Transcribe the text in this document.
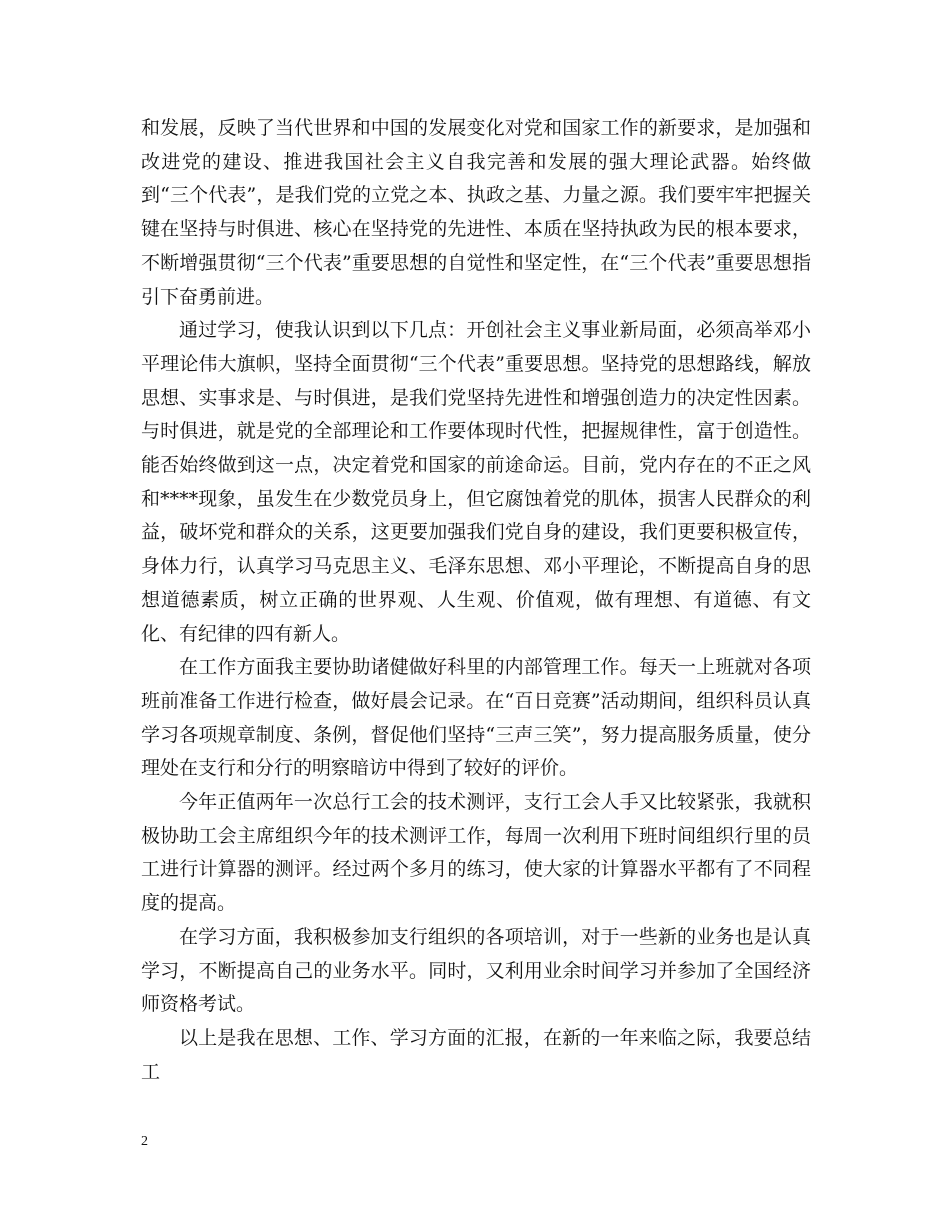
和发展，反映了当代世界和中国的发展变化对党和国家工作的新要求，是加强和改进党的建设、推进我国社会主义自我完善和发展的强大理论武器。始终做到“三个代表”，是我们党的立党之本、执政之基、力量之源。我们要牢牢把握关键在坚持与时俱进、核心在坚持党的先进性、本质在坚持执政为民的根本要求，不断增强贯彻“三个代表”重要思想的自觉性和坚定性，在“三个代表”重要思想指引下奋勇前进。

通过学习，使我认识到以下几点：开创社会主义事业新局面，必须高举邓小平理论伟大旗帜，坚持全面贯彻“三个代表”重要思想。坚持党的思想路线，解放思想、实事求是、与时俱进，是我们党坚持先进性和增强创造力的决定性因素。与时俱进，就是党的全部理论和工作要体现时代性，把握规律性，富于创造性。能否始终做到这一点，决定着党和国家的前途命运。目前，党内存在的不正之风和****现象，虽发生在少数党员身上，但它腐蚀着党的肌体，损害人民群众的利益，破坏党和群众的关系，这更要加强我们党自身的建设，我们更要积极宣传，身体力行，认真学习马克思主义、毛泽东思想、邓小平理论，不断提高自身的思想道德素质，树立正确的世界观、人生观、价值观，做有理想、有道德、有文化、有纪律的四有新人。

在工作方面我主要协助诸健做好科里的内部管理工作。每天一上班就对各项班前准备工作进行检查，做好晨会记录。在“百日竞赛”活动期间，组织科员认真学习各项规章制度、条例，督促他们坚持“三声三笑”，努力提高服务质量，使分理处在支行和分行的明察暗访中得到了较好的评价。

今年正值两年一次总行工会的技术测评，支行工会人手又比较紧张，我就积极协助工会主席组织今年的技术测评工作，每周一次利用下班时间组织行里的员工进行计算器的测评。经过两个多月的练习，使大家的计算器水平都有了不同程度的提高。

在学习方面，我积极参加支行组织的各项培训，对于一些新的业务也是认真学习，不断提高自己的业务水平。同时，又利用业余时间学习并参加了全国经济师资格考试。

以上是我在思想、工作、学习方面的汇报，在新的一年来临之际，我要总结工

2
